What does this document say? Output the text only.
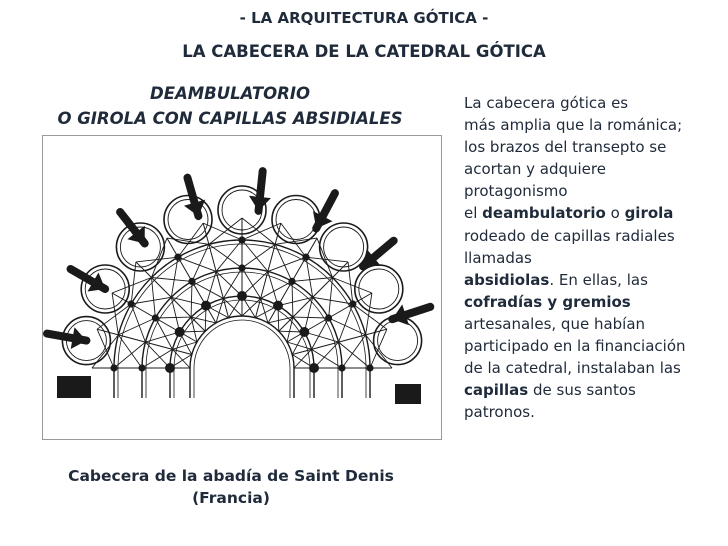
- LA ARQUITECTURA GÓTICA -
LA CABECERA DE LA CATEDRAL GÓTICA
DEAMBULATORIO
O GIROLA CON CAPILLAS ABSIDIALES
Cabecera de la abadía de Saint Denis
(Francia)
La cabecera gótica es
más amplia que la románica;
los brazos del transepto se
acortan y adquiere
protagonismo
el deambulatorio o girola
rodeado de capillas radiales
llamadas
absidiolas. En ellas, las
cofradías y gremios
artesanales, que habían
participado en la financiación
de la catedral, instalaban las
capillas de sus santos
patronos.
